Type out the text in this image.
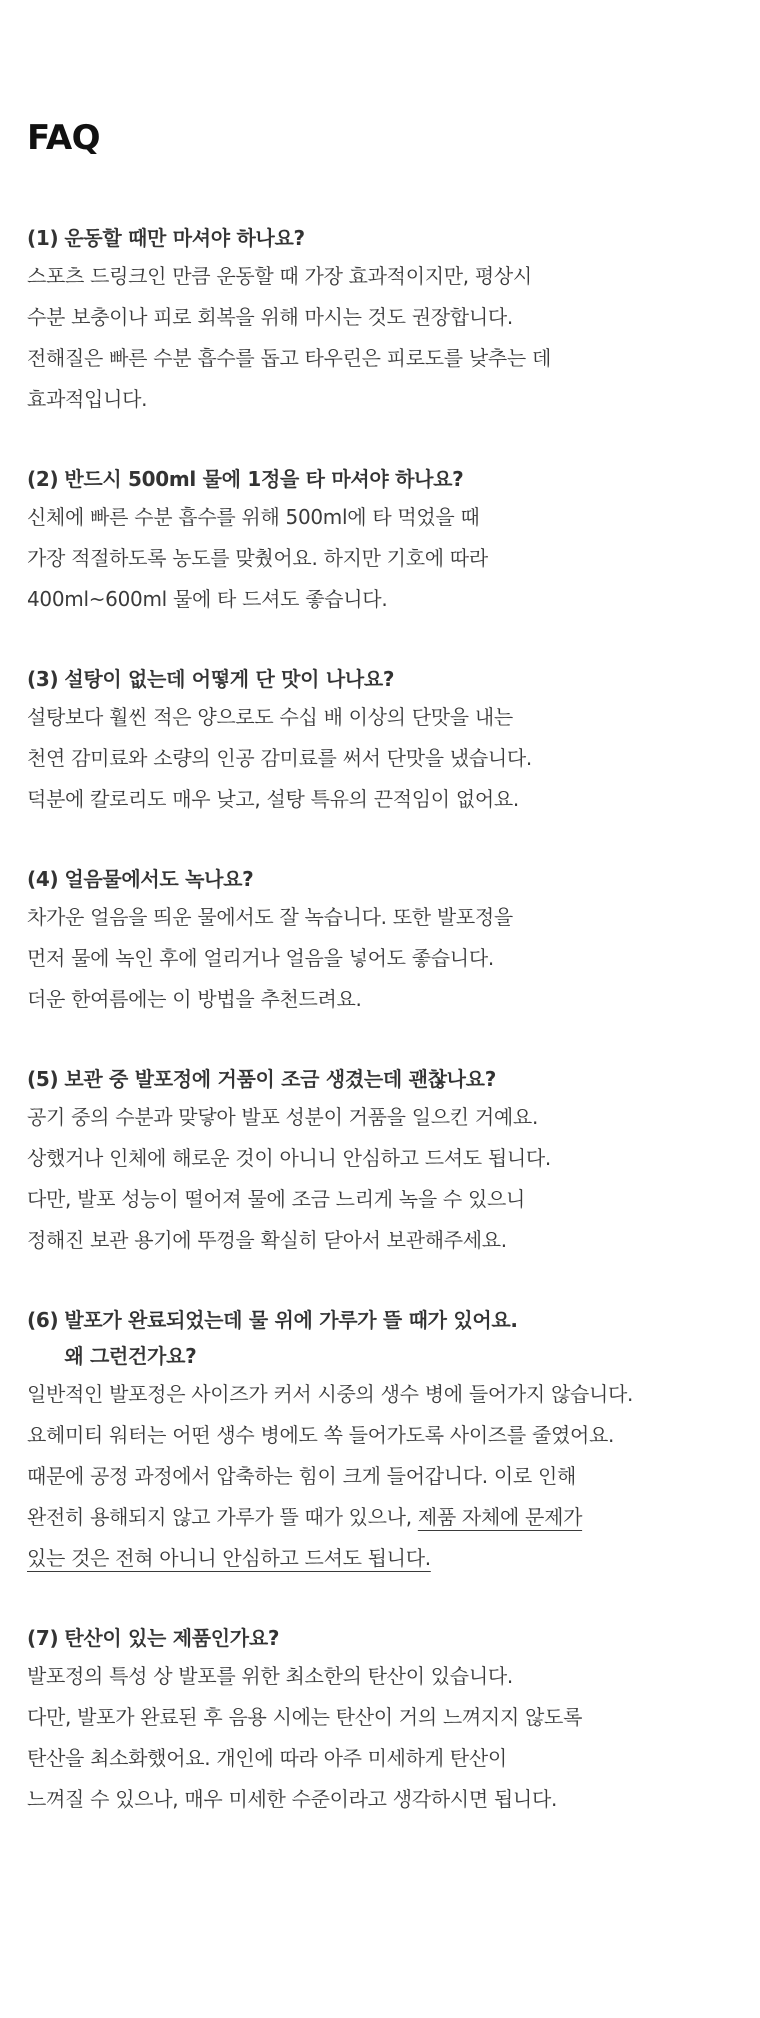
FAQ
(1) 운동할 때만 마셔야 하나요?
스포츠 드링크인 만큼 운동할 때 가장 효과적이지만, 평상시
수분 보충이나 피로 회복을 위해 마시는 것도 권장합니다.
전해질은 빠른 수분 흡수를 돕고 타우린은 피로도를 낮추는 데
효과적입니다.
(2) 반드시 500ml 물에 1정을 타 마셔야 하나요?
신체에 빠른 수분 흡수를 위해 500ml에 타 먹었을 때
가장 적절하도록 농도를 맞췄어요. 하지만 기호에 따라
400ml~600ml 물에 타 드셔도 좋습니다.
(3) 설탕이 없는데 어떻게 단 맛이 나나요?
설탕보다 훨씬 적은 양으로도 수십 배 이상의 단맛을 내는
천연 감미료와 소량의 인공 감미료를 써서 단맛을 냈습니다.
덕분에 칼로리도 매우 낮고, 설탕 특유의 끈적임이 없어요.
(4) 얼음물에서도 녹나요?
차가운 얼음을 띄운 물에서도 잘 녹습니다. 또한 발포정을
먼저 물에 녹인 후에 얼리거나 얼음을 넣어도 좋습니다.
더운 한여름에는 이 방법을 추천드려요.
(5) 보관 중 발포정에 거품이 조금 생겼는데 괜찮나요?
공기 중의 수분과 맞닿아 발포 성분이 거품을 일으킨 거예요.
상했거나 인체에 해로운 것이 아니니 안심하고 드셔도 됩니다.
다만, 발포 성능이 떨어져 물에 조금 느리게 녹을 수 있으니
정해진 보관 용기에 뚜껑을 확실히 닫아서 보관해주세요.
(6) 발포가 완료되었는데 물 위에 가루가 뜰 때가 있어요.
왜 그런건가요?
일반적인 발포정은 사이즈가 커서 시중의 생수 병에 들어가지 않습니다.
요헤미티 워터는 어떤 생수 병에도 쏙 들어가도록 사이즈를 줄였어요.
때문에 공정 과정에서 압축하는 힘이 크게 들어갑니다. 이로 인해
완전히 용해되지 않고 가루가 뜰 때가 있으나, 제품 자체에 문제가
있는 것은 전혀 아니니 안심하고 드셔도 됩니다.
(7) 탄산이 있는 제품인가요?
발포정의 특성 상 발포를 위한 최소한의 탄산이 있습니다.
다만, 발포가 완료된 후 음용 시에는 탄산이 거의 느껴지지 않도록
탄산을 최소화했어요. 개인에 따라 아주 미세하게 탄산이
느껴질 수 있으나, 매우 미세한 수준이라고 생각하시면 됩니다.
